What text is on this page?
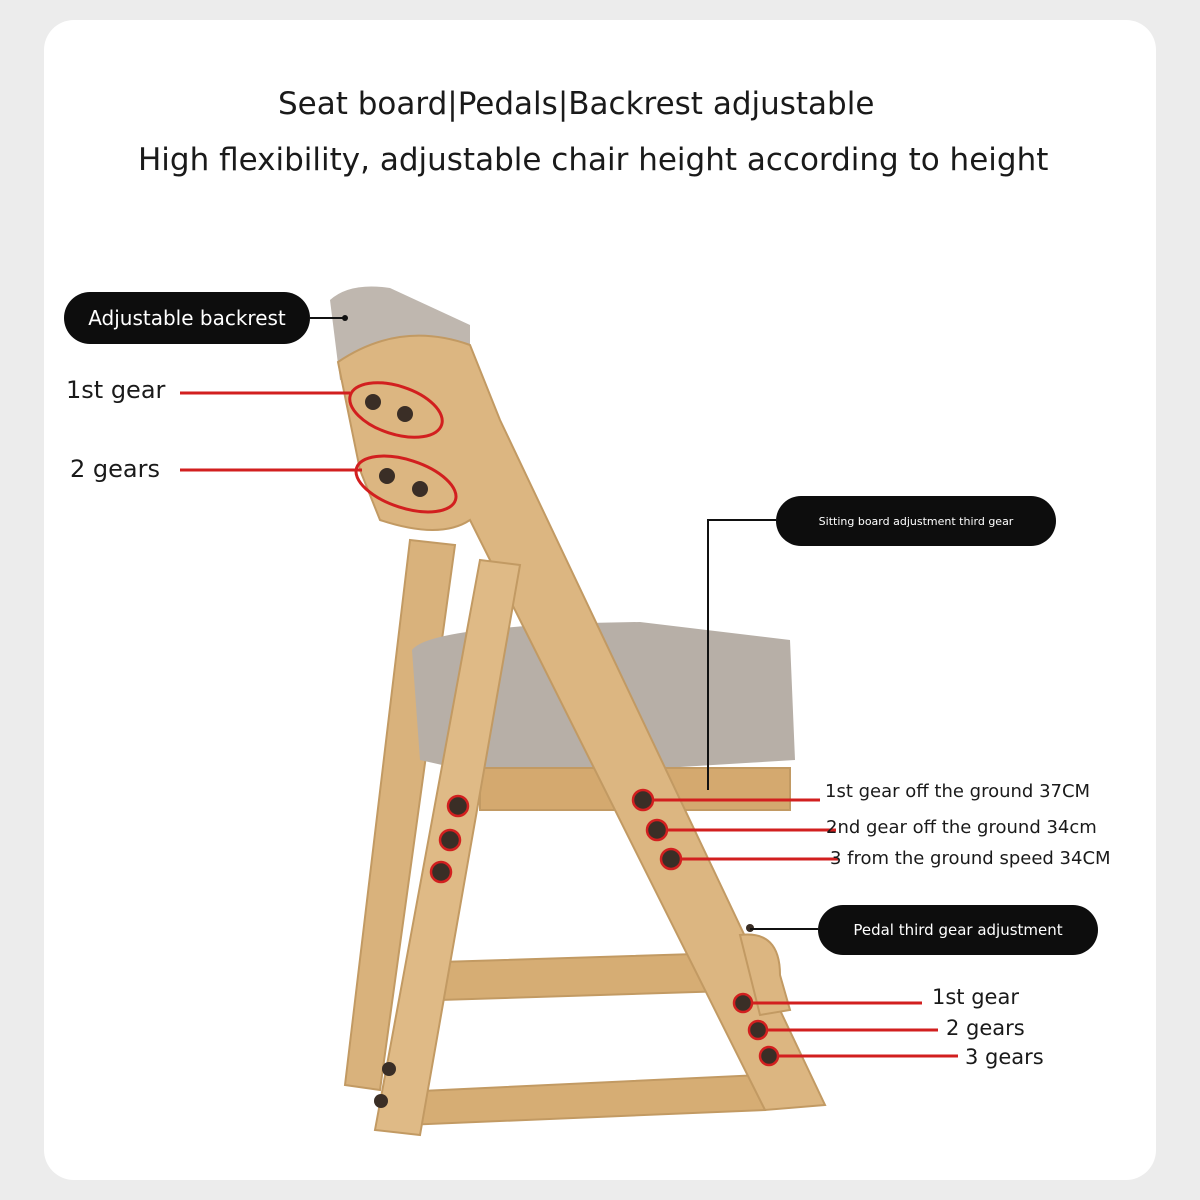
Seat board|Pedals|Backrest adjustable
High flexibility, adjustable chair height according to height
Adjustable backrest
1st gear
2 gears
Sitting board adjustment third gear
1st gear off the ground 37CM
2nd gear off the ground 34cm
3 from the ground speed 34CM
Pedal third gear adjustment
1st gear
2 gears
3 gears
